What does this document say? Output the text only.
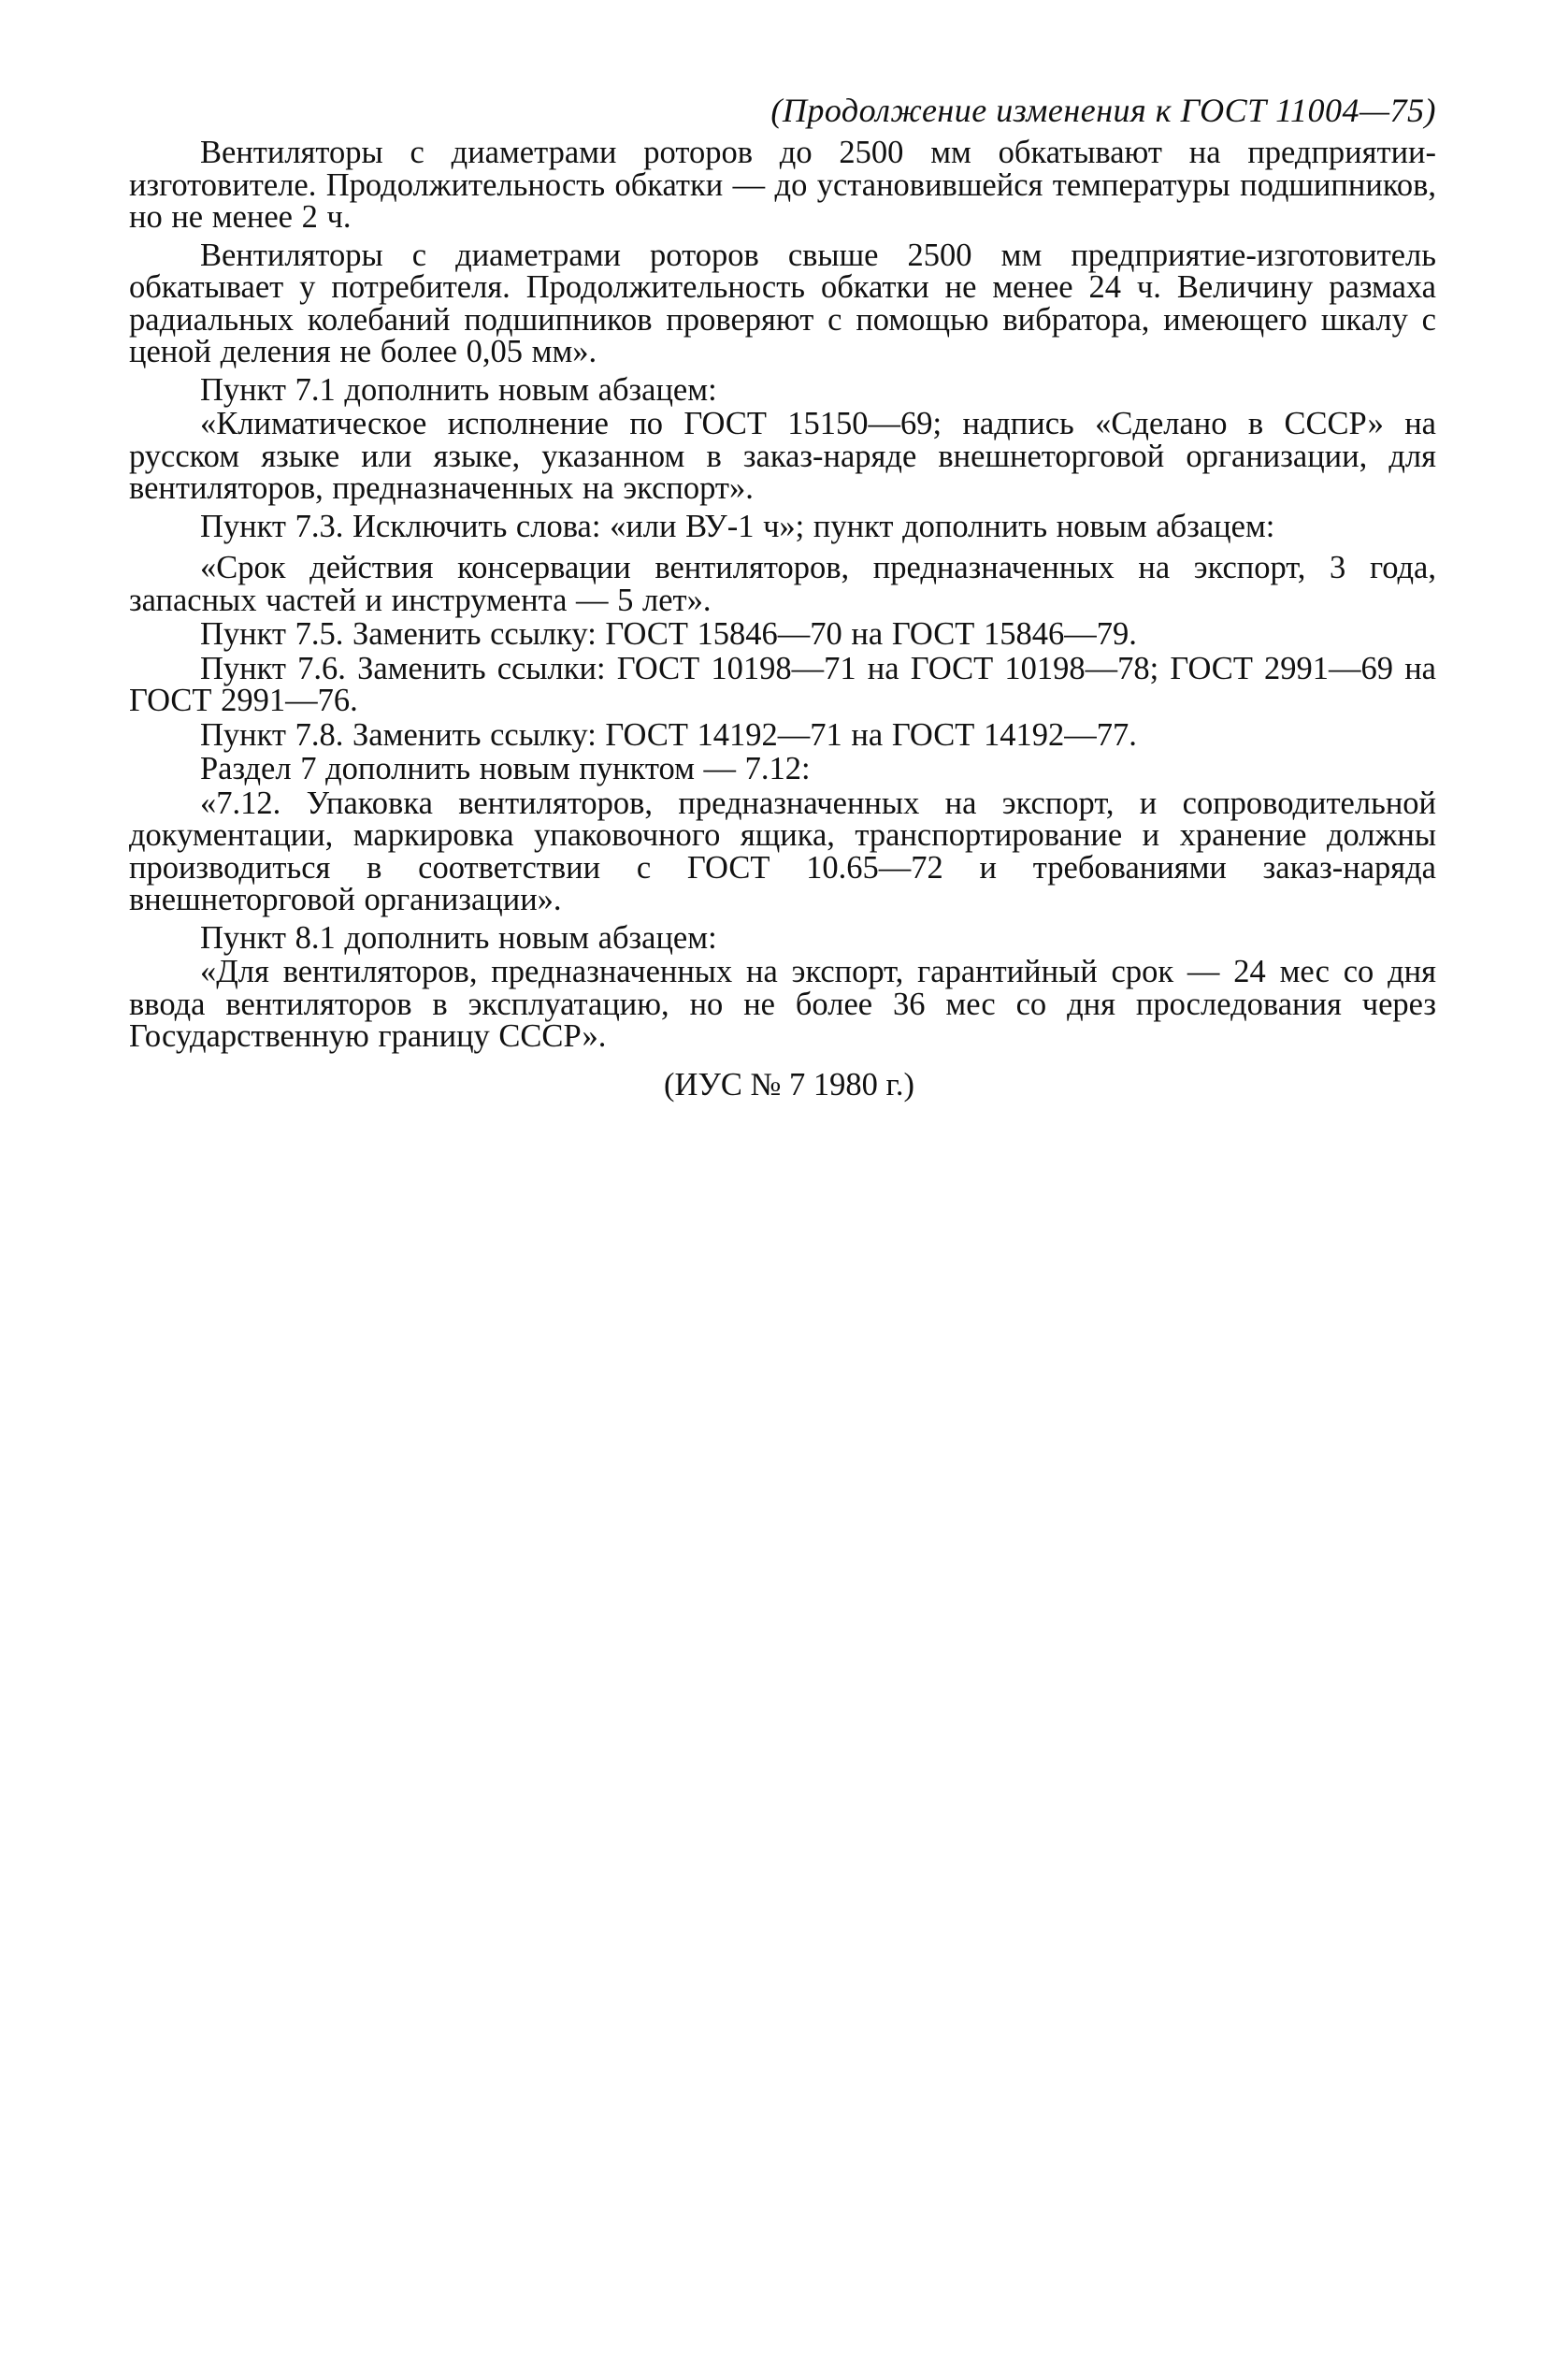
(Продолжение изменения к ГОСТ 11004—75)

Вентиляторы с диаметрами роторов до 2500 мм обкатывают на предприятии-изготовителе. Продолжительность обкатки — до установившейся температуры подшипников, но не менее 2 ч.

Вентиляторы с диаметрами роторов свыше 2500 мм предприятие-изготовитель обкатывает у потребителя. Продолжительность обкатки не менее 24 ч. Величину размаха радиальных колебаний подшипников проверяют с помощью вибратора, имеющего шкалу с ценой деления не более 0,05 мм».

Пункт 7.1 дополнить новым абзацем:

«Климатическое исполнение по ГОСТ 15150—69; надпись «Сделано в СССР» на русском языке или языке, указанном в заказ-наряде внешнеторговой организации, для вентиляторов, предназначенных на экспорт».

Пункт 7.3. Исключить слова: «или ВУ-1 ч»; пункт дополнить новым абзацем:

«Срок действия консервации вентиляторов, предназначенных на экспорт, 3 года, запасных частей и инструмента — 5 лет».

Пункт 7.5. Заменить ссылку: ГОСТ 15846—70 на ГОСТ 15846—79.

Пункт 7.6. Заменить ссылки: ГОСТ 10198—71 на ГОСТ 10198—78; ГОСТ 2991—69 на ГОСТ 2991—76.

Пункт 7.8. Заменить ссылку: ГОСТ 14192—71 на ГОСТ 14192—77.

Раздел 7 дополнить новым пунктом — 7.12:

«7.12. Упаковка вентиляторов, предназначенных на экспорт, и сопроводительной документации, маркировка упаковочного ящика, транспортирование и хранение должны производиться в соответствии с ГОСТ 10.65—72 и требованиями заказ-наряда внешнеторговой организации».

Пункт 8.1 дополнить новым абзацем:

«Для вентиляторов, предназначенных на экспорт, гарантийный срок — 24 мес со дня ввода вентиляторов в эксплуатацию, но не более 36 мес со дня проследования через Государственную границу СССР».

(ИУС № 7 1980 г.)
